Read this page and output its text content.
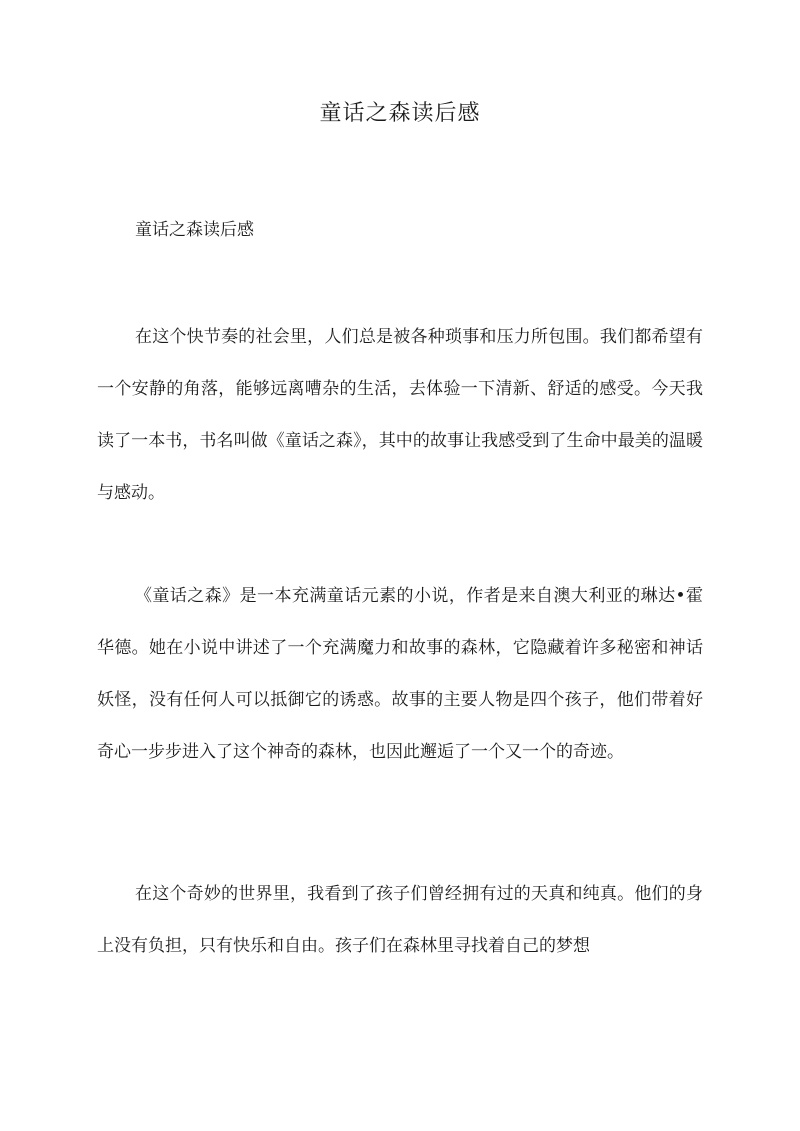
童话之森读后感

童话之森读后感

在这个快节奏的社会里，人们总是被各种琐事和压力所包围。我们都希望有一个安静的角落，能够远离嘈杂的生活，去体验一下清新、舒适的感受。今天我读了一本书，书名叫做《童话之森》，其中的故事让我感受到了生命中最美的温暖与感动。

《童话之森》是一本充满童话元素的小说，作者是来自澳大利亚的琳达•霍华德。她在小说中讲述了一个充满魔力和故事的森林，它隐藏着许多秘密和神话妖怪，没有任何人可以抵御它的诱惑。故事的主要人物是四个孩子，他们带着好奇心一步步进入了这个神奇的森林，也因此邂逅了一个又一个的奇迹。

在这个奇妙的世界里，我看到了孩子们曾经拥有过的天真和纯真。他们的身上没有负担，只有快乐和自由。孩子们在森林里寻找着自己的梦想
